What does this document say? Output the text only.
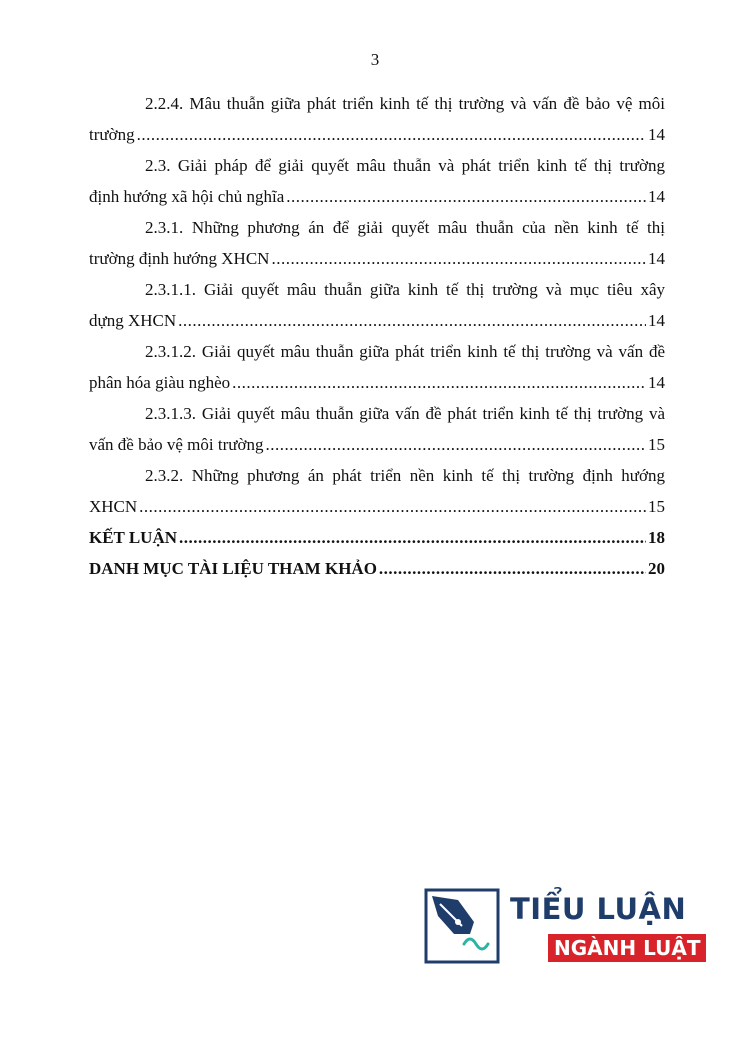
3
2.2.4. Mâu thuẫn giữa phát triển kinh tế thị trường và vấn đề bảo vệ môi
trường .....	14
2.3. Giải pháp để giải quyết mâu thuẫn và phát triển kinh tế thị trường
định hướng xã hội chủ nghĩa .....	14
2.3.1. Những phương án để giải quyết mâu thuẫn của nền kinh tế thị
trường định hướng XHCN .....	14
2.3.1.1. Giải quyết mâu thuẫn giữa kinh tế thị trường và mục tiêu xây
dựng XHCN .....	14
2.3.1.2. Giải quyết mâu thuẫn giữa phát triển kinh tế thị trường và vấn đề
phân hóa giàu nghèo .....	14
2.3.1.3. Giải quyết mâu thuẫn giữa vấn đề phát triển kinh tế thị trường và
vấn đề bảo vệ môi trường .....	15
2.3.2. Những phương án phát triển nền kinh tế thị trường định hướng
XHCN .....	15
KẾT LUẬN .....	18
DANH MỤC TÀI LIỆU THAM KHẢO .....	20
TIỂU LUẬN
NGÀNH LUẬT
